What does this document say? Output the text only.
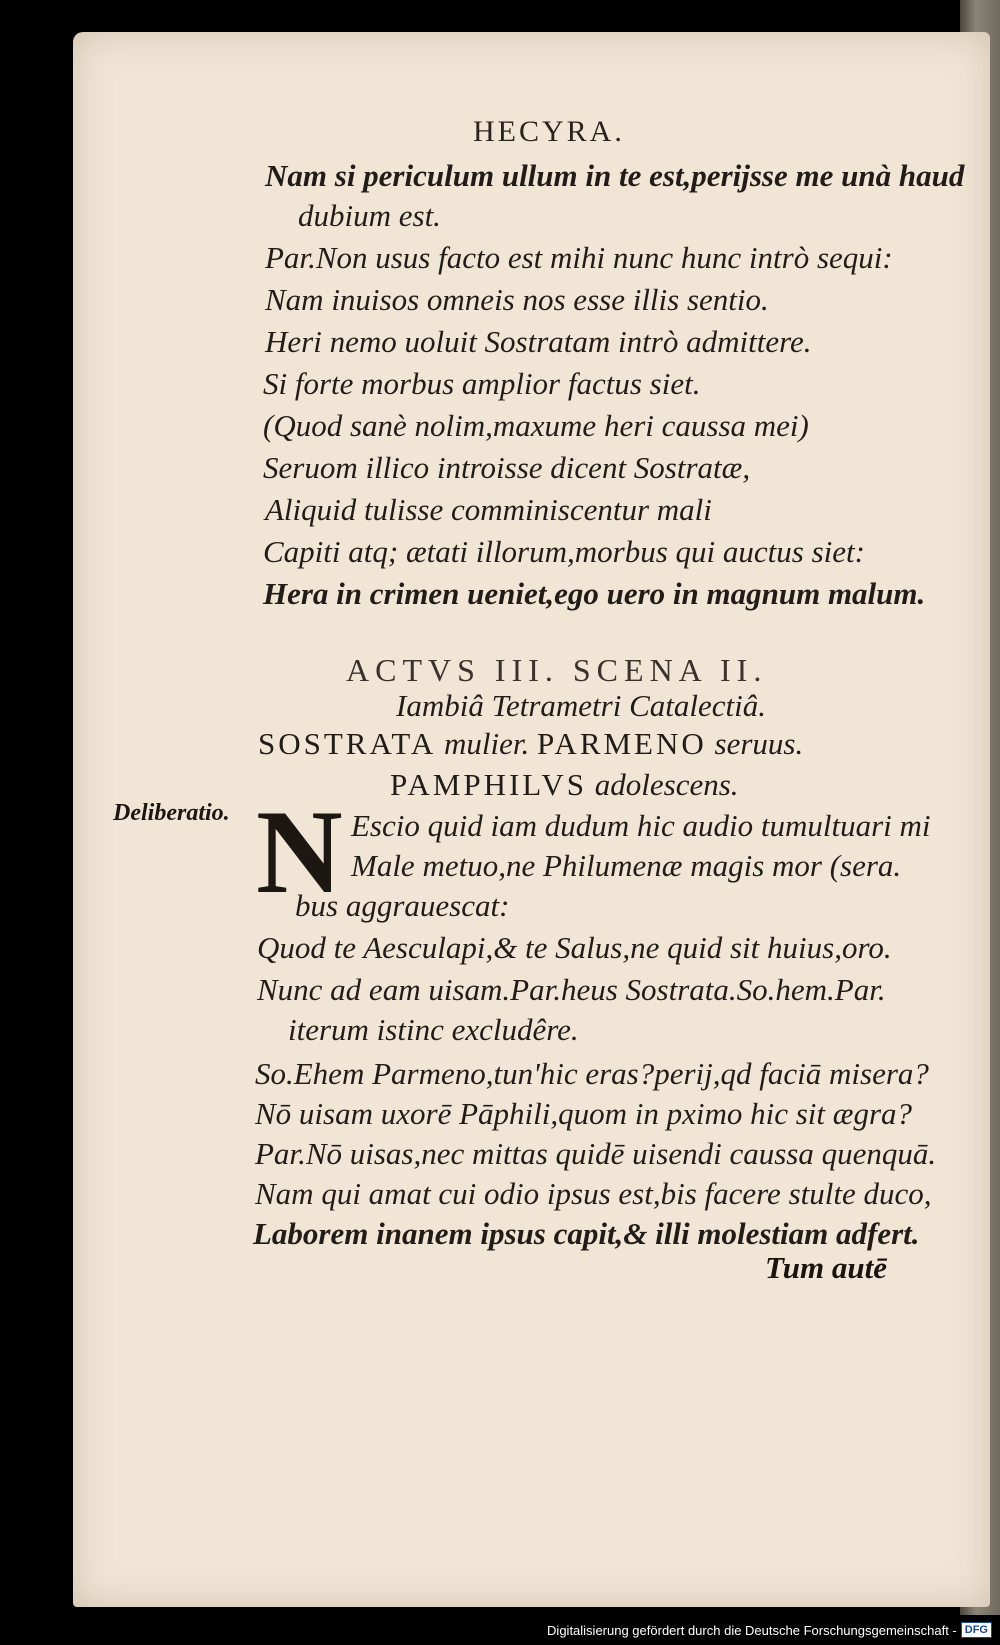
HECYRA.
Nam si periculum ullum in te est,perijsse me unà haud
dubium est.
Par.Non usus facto est mihi nunc hunc intrò sequi:
Nam inuisos omneis nos esse illis sentio.
Heri nemo uoluit Sostratam intrò admittere.
Si forte morbus amplior factus siet.
(Quod sanè nolim,maxume heri caussa mei)
Seruom illico introisse dicent Sostratæ,
Aliquid tulisse comminiscentur mali
Capiti atq; ætati illorum,morbus qui auctus siet:
Hera in crimen ueniet,ego uero in magnum malum.
ACTVS III. SCENA II.
Iambiâ Tetrametri Catalectiâ.
SOSTRATA mulier. PARMENO seruus.
PAMPHILVS adolescens.
Deliberatio. N Escio quid iam dudum hic audio tumultuari mi
Male metuo,ne Philumenæ magis mor (sera.
bus aggrauescat:
Quod te Aesculapi,& te Salus,ne quid sit huius,oro.
Nunc ad eam uisam.Par.heus Sostrata.So.hem.Par.
iterum istinc excludêre.
So.Ehem Parmeno,tun'hic eras?perij,qd faciā misera?
Nō uisam uxorē Pāphili,quom in pximo hic sit ægra?
Par.Nō uisas,nec mittas quidē uisendi caussa quenquā.
Nam qui amat cui odio ipsus est,bis facere stulte duco,
Laborem inanem ipsus capit,& illi molestiam adfert.
Tum autē
Digitalisierung gefördert durch die Deutsche Forschungsgemeinschaft - DFG
